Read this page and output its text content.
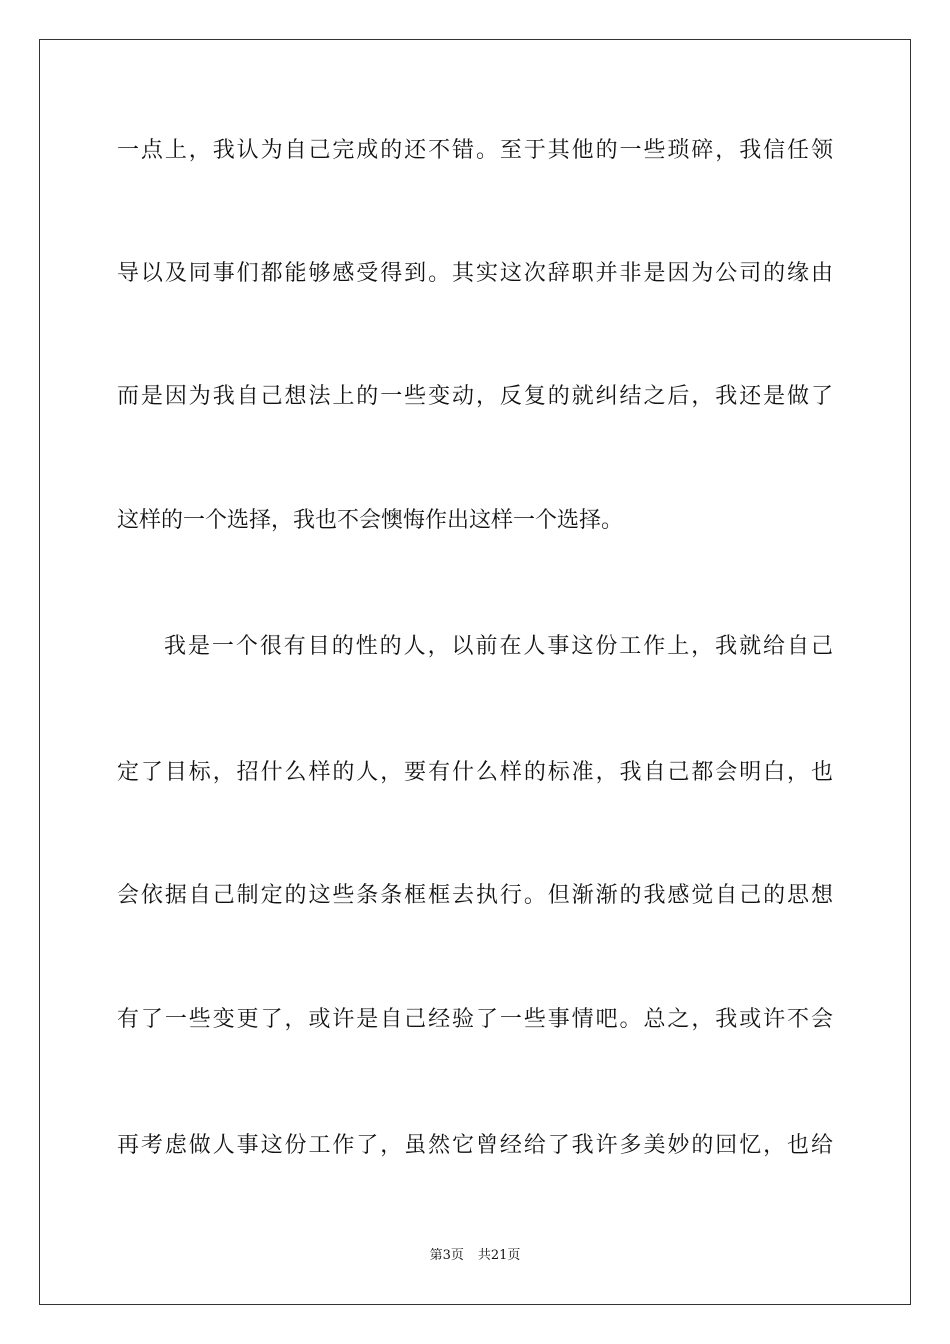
一点上，我认为自己完成的还不错。至于其他的一些琐碎，我信任领
导以及同事们都能够感受得到。其实这次辞职并非是因为公司的缘由
而是因为我自己想法上的一些变动，反复的就纠结之后，我还是做了
这样的一个选择，我也不会懊悔作出这样一个选择。
我是一个很有目的性的人，以前在人事这份工作上，我就给自己
定了目标，招什么样的人，要有什么样的标准，我自己都会明白，也
会依据自己制定的这些条条框框去执行。但渐渐的我感觉自己的思想
有了一些变更了，或许是自己经验了一些事情吧。总之，我或许不会
再考虑做人事这份工作了，虽然它曾经给了我许多美妙的回忆，也给
第3页 共21页
